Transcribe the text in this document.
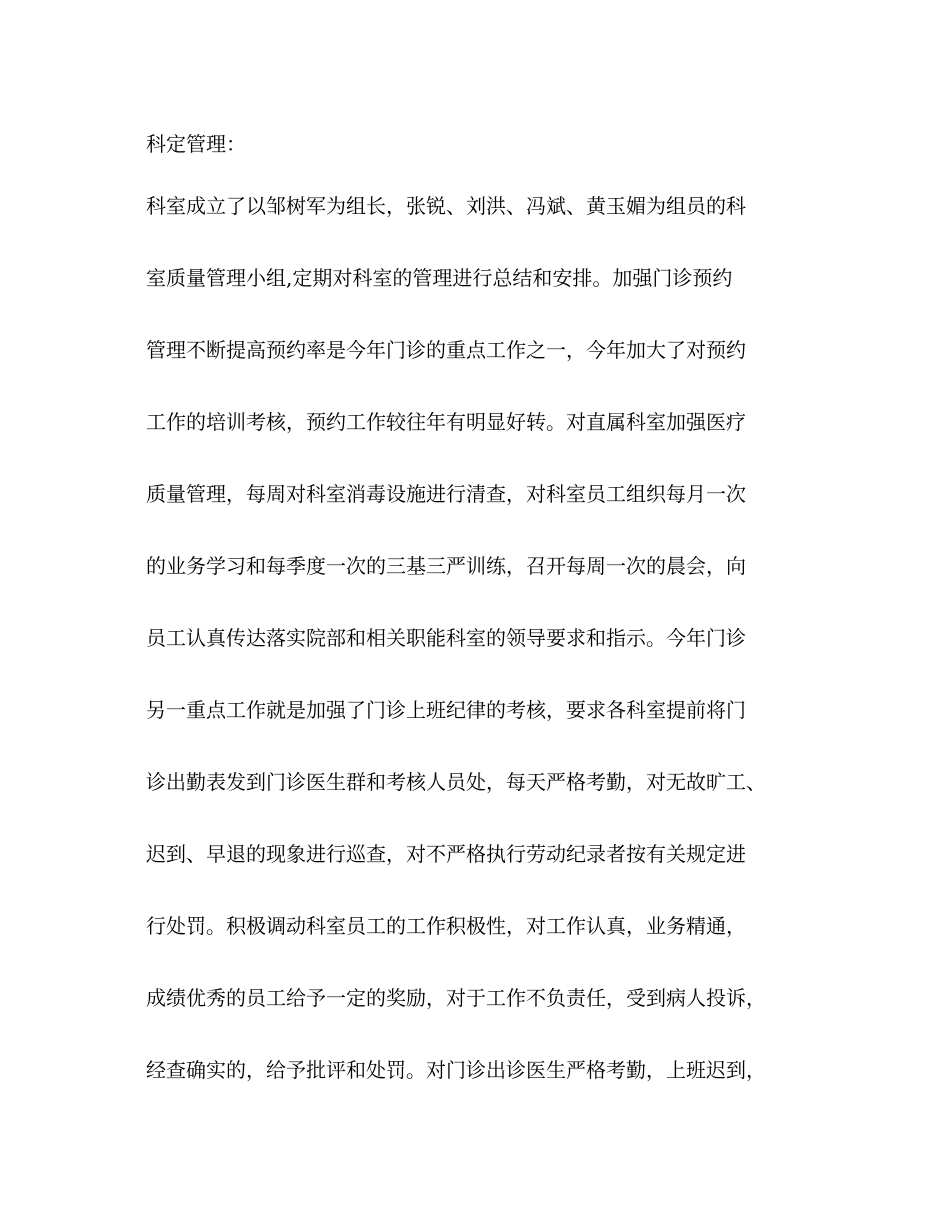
科定管理：
科室成立了以邹树军为组长，张锐、刘洪、冯斌、黄玉媚为组员的科
室质量管理小组,定期对科室的管理进行总结和安排。加强门诊预约
管理不断提高预约率是今年门诊的重点工作之一，今年加大了对预约
工作的培训考核，预约工作较往年有明显好转。对直属科室加强医疗
质量管理，每周对科室消毒设施进行清查，对科室员工组织每月一次
的业务学习和每季度一次的三基三严训练，召开每周一次的晨会，向
员工认真传达落实院部和相关职能科室的领导要求和指示。今年门诊
另一重点工作就是加强了门诊上班纪律的考核，要求各科室提前将门
诊出勤表发到门诊医生群和考核人员处，每天严格考勤，对无故旷工、
迟到、早退的现象进行巡查，对不严格执行劳动纪录者按有关规定进
行处罚。积极调动科室员工的工作积极性，对工作认真，业务精通，
成绩优秀的员工给予一定的奖励，对于工作不负责任，受到病人投诉，
经查确实的，给予批评和处罚。对门诊出诊医生严格考勤，上班迟到，
